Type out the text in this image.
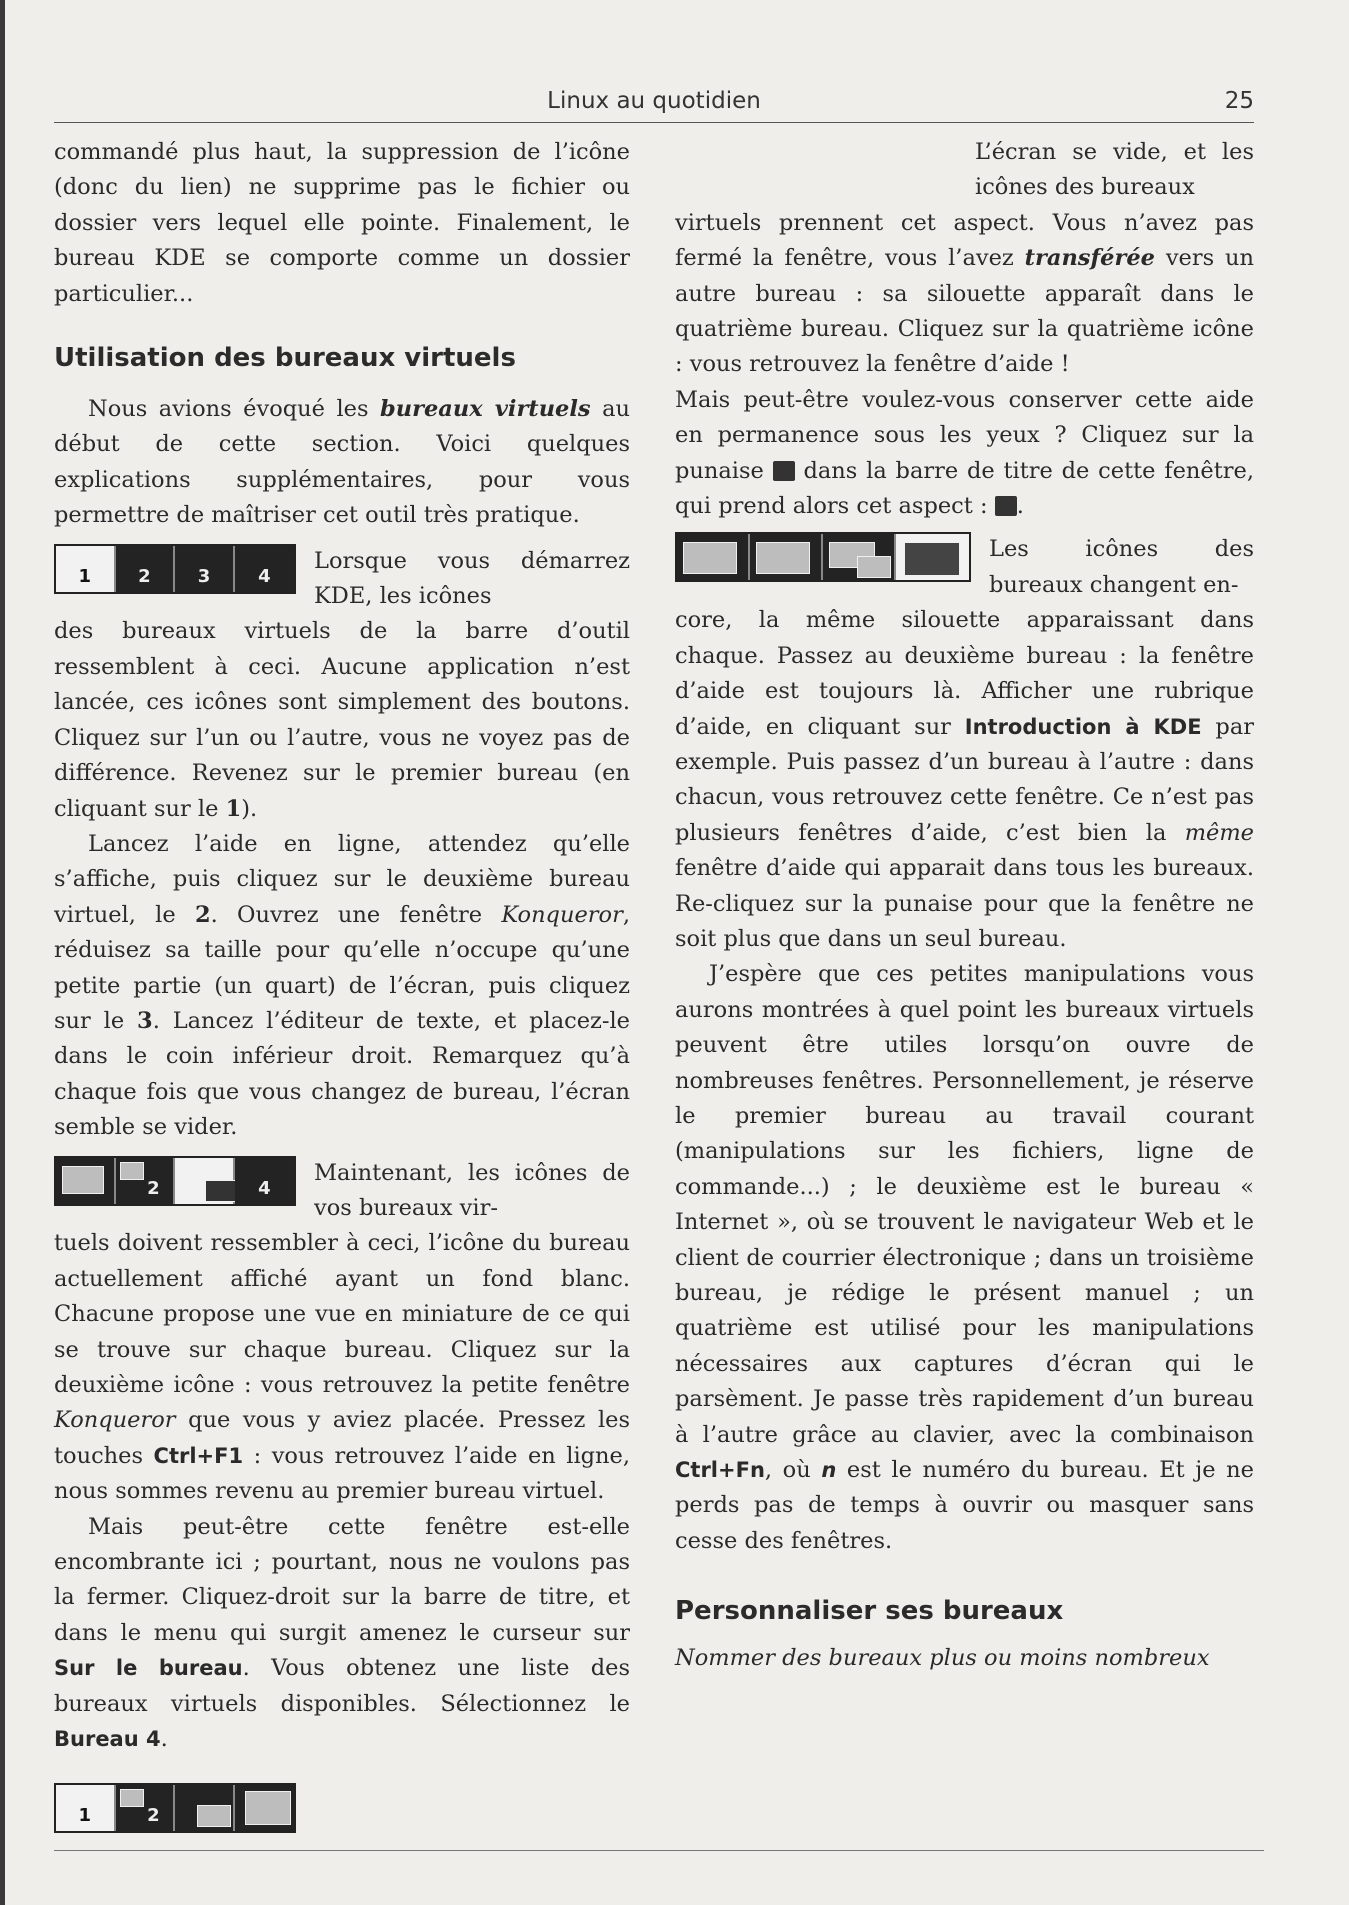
Linux au quotidien	25

commandé plus haut, la suppression de l’icône (donc du lien) ne supprime pas le fichier ou dossier vers lequel elle pointe. Finalement, le bureau KDE se comporte comme un dossier particulier...

Utilisation des bureaux virtuels

Nous avions évoqué les bureaux virtuels au début de cette section. Voici quelques explications supplémentaires, pour vous permettre de maîtriser cet outil très pratique.

1	2	3	4
Lorsque vous démarrez KDE, les icônes

des bureaux virtuels de la barre d’outil ressemblent à ceci. Aucune application n’est lancée, ces icônes sont simplement des boutons. Cliquez sur l’un ou l’autre, vous ne voyez pas de différence. Revenez sur le premier bureau (en cliquant sur le 1).

Lancez l’aide en ligne, attendez qu’elle s’affiche, puis cliquez sur le deuxième bureau virtuel, le 2. Ouvrez une fenêtre Konqueror, réduisez sa taille pour qu’elle n’occupe qu’une petite partie (un quart) de l’écran, puis cliquez sur le 3. Lancez l’éditeur de texte, et placez-le dans le coin inférieur droit. Remarquez qu’à chaque fois que vous changez de bureau, l’écran semble se vider.

2	4
Maintenant, les icônes de vos bureaux vir-

tuels doivent ressembler à ceci, l’icône du bureau actuellement affiché ayant un fond blanc. Chacune propose une vue en miniature de ce qui se trouve sur chaque bureau. Cliquez sur la deuxième icône : vous retrouvez la petite fenêtre Konqueror que vous y aviez placée. Pressez les touches Ctrl+F1 : vous retrouvez l’aide en ligne, nous sommes revenu au premier bureau virtuel.

Mais peut-être cette fenêtre est-elle encombrante ici ; pourtant, nous ne voulons pas la fermer. Cliquez-droit sur la barre de titre, et dans le menu qui surgit amenez le curseur sur Sur le bureau. Vous obtenez une liste des bureaux virtuels disponibles. Sélectionnez le Bureau 4.

1	2
L’écran se vide, et les icônes des bureaux

virtuels prennent cet aspect. Vous n’avez pas fermé la fenêtre, vous l’avez transférée vers un autre bureau : sa silouette apparaît dans le quatrième bureau. Cliquez sur la quatrième icône : vous retrouvez la fenêtre d’aide !

Mais peut-être voulez-vous conserver cette aide en permanence sous les yeux ? Cliquez sur la punaise  dans la barre de titre de cette fenêtre, qui prend alors cet aspect : .

Les icônes des bureaux changent en-

core, la même silouette apparaissant dans chaque. Passez au deuxième bureau : la fenêtre d’aide est toujours là. Afficher une rubrique d’aide, en cliquant sur Introduction à KDE par exemple. Puis passez d’un bureau à l’autre : dans chacun, vous retrouvez cette fenêtre. Ce n’est pas plusieurs fenêtres d’aide, c’est bien la même fenêtre d’aide qui apparait dans tous les bureaux. Re-cliquez sur la punaise pour que la fenêtre ne soit plus que dans un seul bureau.

J’espère que ces petites manipulations vous aurons montrées à quel point les bureaux virtuels peuvent être utiles lorsqu’on ouvre de nombreuses fenêtres. Personnellement, je réserve le premier bureau au travail courant (manipulations sur les fichiers, ligne de commande...) ; le deuxième est le bureau « Internet », où se trouvent le navigateur Web et le client de courrier électronique ; dans un troisième bureau, je rédige le présent manuel ; un quatrième est utilisé pour les manipulations nécessaires aux captures d’écran qui le parsèment. Je passe très rapidement d’un bureau à l’autre grâce au clavier, avec la combinaison Ctrl+Fn, où n est le numéro du bureau. Et je ne perds pas de temps à ouvrir ou masquer sans cesse des fenêtres.

Personnaliser ses bureaux

Nommer des bureaux plus ou moins nombreux
